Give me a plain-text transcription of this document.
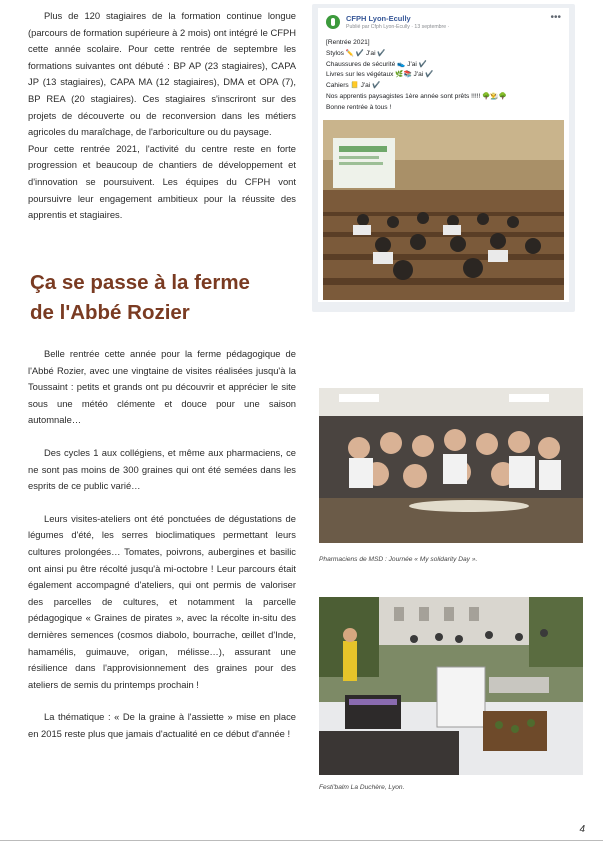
Plus de 120 stagiaires de la formation continue longue (parcours de formation supérieure à 2 mois) ont intégré le CFPH cette année scolaire. Pour cette rentrée de septembre les formations suivantes ont débuté : BP AP (23 stagiaires), CAPA JP (13 stagiaires), CAPA MA (12 stagiaires), DMA et OPA (7), BP REA (20 stagiaires). Ces stagiaires s'inscriront sur des projets de découverte ou de reconversion dans les métiers agricoles du maraîchage, de l'arboriculture ou du paysage.

Pour cette rentrée 2021, l'activité du centre reste en forte progression et beaucoup de chantiers de développement et d'innovation se poursuivent. Les équipes du CFPH vont poursuivre leur engagement ambitieux pour la réussite des apprentis et stagiaires.

Ça se passe à la ferme
de l'Abbé Rozier

Belle rentrée cette année pour la ferme pédagogique de l'Abbé Rozier, avec une vingtaine de visites réalisées jusqu'à la Toussaint : petits et grands ont pu découvrir et apprécier le site sous une météo clémente et douce pour une saison automnale…

Des cycles 1 aux collégiens, et même aux pharmaciens, ce ne sont pas moins de 300 graines qui ont été semées dans les esprits de ce public varié…

Leurs visites-ateliers ont été ponctuées de dégustations de légumes d'été, les serres bioclimatiques permettant leurs cultures prolongées… Tomates, poivrons, aubergines et basilic ont ainsi pu être récolté jusqu'à mi-octobre ! Leur parcours était également accompagné d'ateliers, qui ont permis de valoriser des parcelles de cultures, et notamment la parcelle pédagogique « Graines de pirates », avec la récolte in-situ des dernières semences (cosmos diabolo, bourrache, œillet d'Inde, hamamélis, guimauve, origan, mélisse…), assurant une résilience dans l'approvisionnement des graines pour des ateliers de semis du printemps prochain !

La thématique : « De la graine à l'assiette » mise en place en 2015 reste plus que jamais d'actualité en ce début d'année !

CFPH Lyon-Ecully
Publié par Cfph Lyon-Ecully · 13 septembre ·
•••
[Rentrée 2021]
Stylos ✏️ ✔️ J'ai ✔️
Chaussures de sécurité 👟 J'ai ✔️
Livres sur les végétaux 🌿📚 J'ai ✔️
Cahiers 📒 J'ai ✔️
Nos apprentis paysagistes 1ère année sont prêts !!!!! 🌳👨‍🌾🌳
Bonne rentrée à tous !
Pharmaciens de MSD : Journée « My solidarity Day ».
Festi'balm La Duchère, Lyon.
4
